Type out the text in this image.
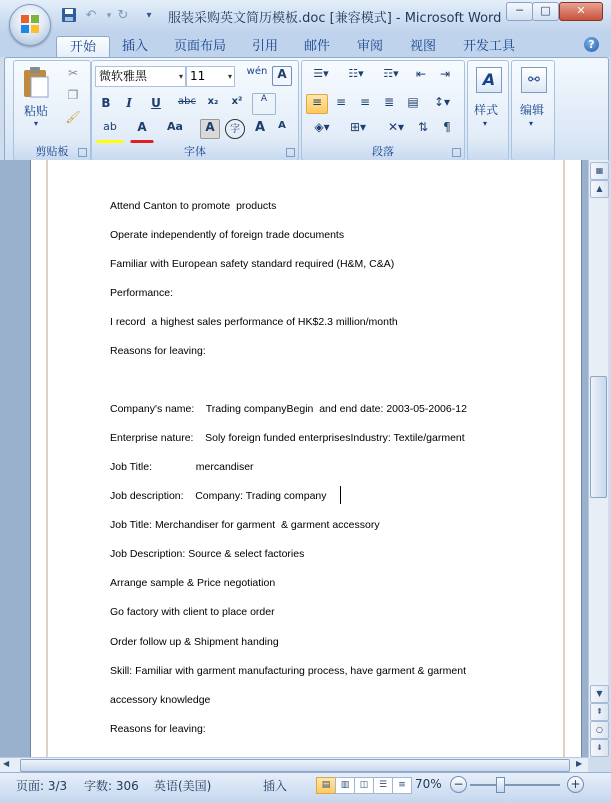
↶	▾ ↻	▾	服装采购英文简历模板.doc [兼容模式] - Microsoft Word
─	□	✕
开始	插入 页面布局 引用 邮件 审阅 视图 开发工具	?
粘贴
▾
✂
❐
🖌
剪贴板
微软雅黑	▾ 11	▾ wén A
B	I	U	abc	x₂	x²	A
ab	A	Aa	A	字	A	A
字体
☰▾	☷▾	☶▾	⇤	⇥
≡	≡	≡	≣	▤	↕▾
◈▾	⊞▾	✕▾	⇅	¶
段落
A
样式
▾
⚯
编辑
▾
Attend Canton to promote  products
Operate independently of foreign trade documents
Familiar with European safety standard required (H&M, C&A)
Performance:
I record  a highest sales performance of HK$2.3 million/month
Reasons for leaving:
Company's name:    Trading companyBegin  and end date: 2003-05-2006-12
Enterprise nature:    Soly foreign funded enterprisesIndustry: Textile/garment
Job Title:               mercandiser
Job description:    Company: Trading company
Job Title: Merchandiser for garment  & garment accessory
Job Description: Source & select factories
Arrange sample & Price negotiation
Go factory with client to place order
Order follow up & Shipment handing
Skill: Familiar with garment manufacturing process, have garment & garment
accessory knowledge
Reasons for leaving:
▦
▲
▼
⇞
○
⇟
◀	▶
页面: 3/3 字数: 306 英语(美国)	插入	▤	▥	◫	☰	≡ 70% −	+
